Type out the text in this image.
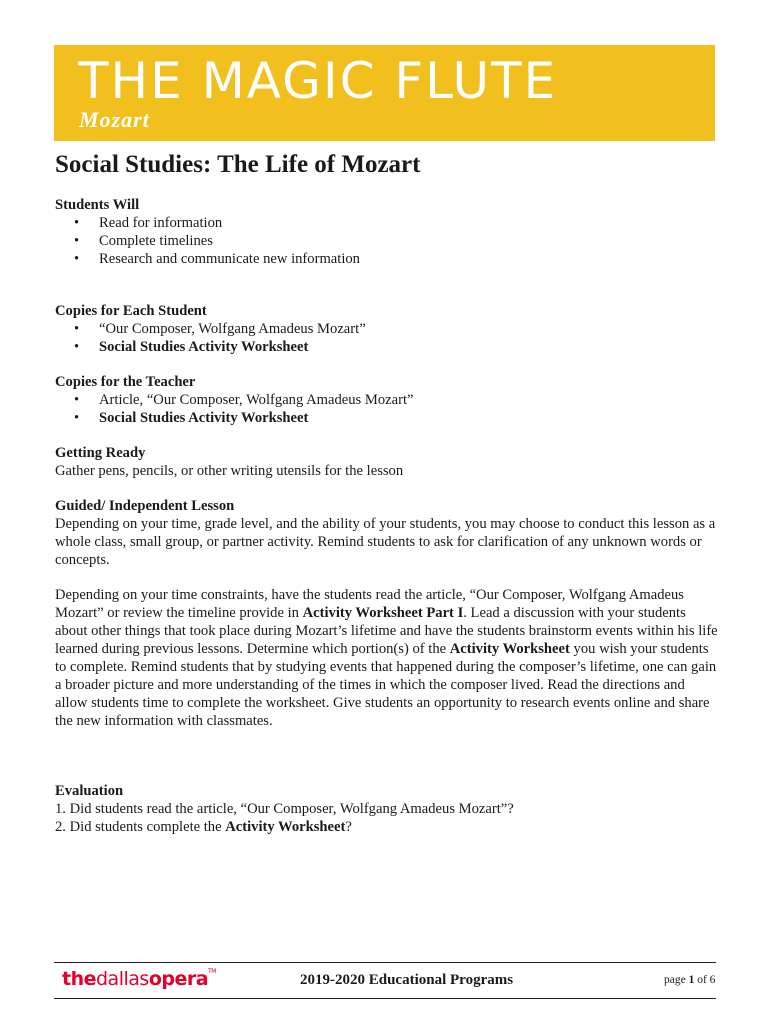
THE MAGIC FLUTE
Mozart
Social Studies: The Life of Mozart

Students Will

• Read for information
• Complete timelines
• Research and communicate new information

Copies for Each Student

• “Our Composer, Wolfgang Amadeus Mozart”
• Social Studies Activity Worksheet

Copies for the Teacher

• Article, “Our Composer, Wolfgang Amadeus Mozart”
• Social Studies Activity Worksheet

Getting Ready

Gather pens, pencils, or other writing utensils for the lesson

Guided/ Independent Lesson

Depending on your time, grade level, and the ability of your students, you may choose to conduct this lesson as a whole class, small group, or partner activity. Remind students to ask for clarification of any unknown words or concepts.

Depending on your time constraints, have the students read the article, “Our Composer, Wolfgang Amadeus Mozart” or review the timeline provide in Activity Worksheet Part I. Lead a discussion with your students about other things that took place during Mozart’s lifetime and have the students brainstorm events within his life learned during previous lessons. Determine which portion(s) of the Activity Worksheet you wish your students to complete. Remind students that by studying events that happened during the composer’s lifetime, one can gain a broader picture and more understanding of the times in which the composer lived. Read the directions and allow students time to complete the worksheet. Give students an opportunity to research events online and share the new information with classmates.

Evaluation

1. Did students read the article, “Our Composer, Wolfgang Amadeus Mozart”?

2. Did students complete the Activity Worksheet?

thedallasopera™
2019-2020 Educational Programs	page 1 of 6
